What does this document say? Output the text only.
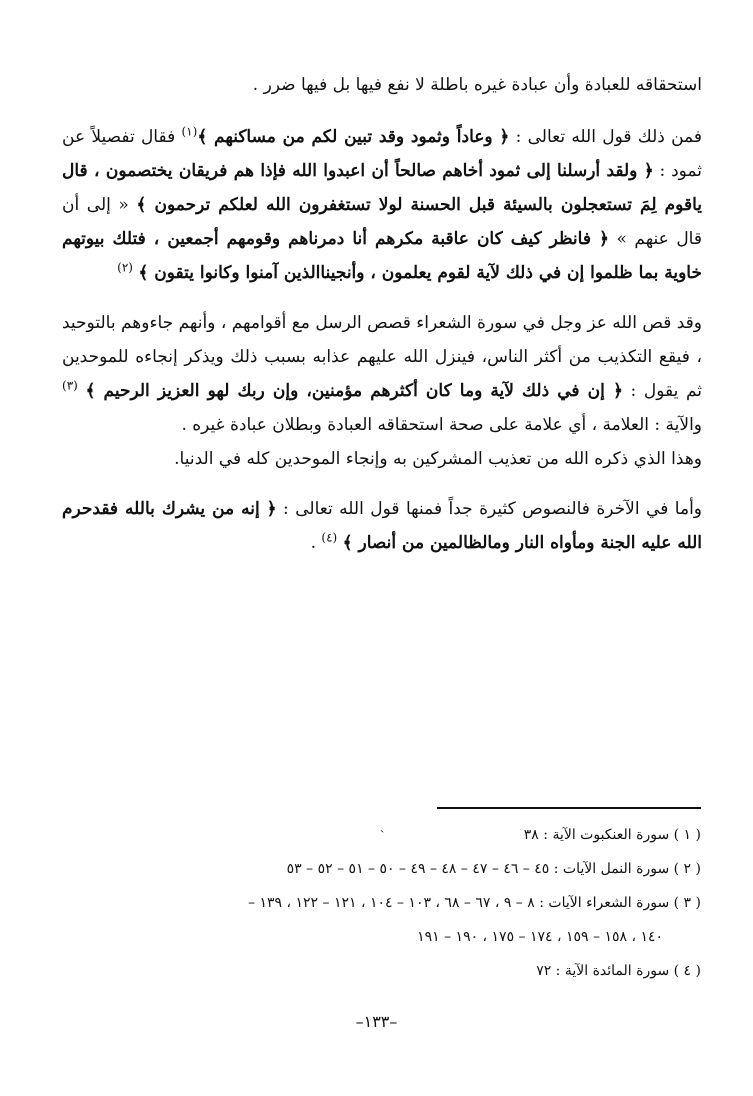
استحقاقه للعبادة وأن عبادة غيره باطلة لا نفع فيها بل فيها ضرر .

فمن ذلك قول الله تعالى : ﴿ وعاداً وثمود وقد تبين لكم من مساكنهم ﴾$^{(١)}$ فقال تفصيلاً عن ثمود : ﴿ ولقد أرسلنا إلى ثمود أخاهم صالحاً أن اعبدوا الله فإذا هم فريقان يختصمون ، قال ياقوم لِمَ تستعجلون بالسيئة قبل الحسنة لولا تستغفرون الله لعلكم ترحمون ﴾ « إلى أن قال عنهم » ﴿ فانظر كيف كان عاقبة مكرهم أنا دمرناهم وقومهم أجمعين ، فتلك بيوتهم خاوية بما ظلموا إن في ذلك لآية لقوم يعلمون ، وأنجيناالذين آمنوا وكانوا يتقون ﴾ $^{(٢)}$

وقد قص الله عز وجل في سورة الشعراء قصص الرسل مع أقوامهم ، وأنهم جاءوهم بالتوحيد ، فيقع التكذيب من أكثر الناس، فينزل الله عليهم عذابه بسبب ذلك ويذكر إنجاءه للموحدين ثم يقول : ﴿ إن في ذلك لآية وما كان أكثرهم مؤمنين، وإن ربك لهو العزيز الرحيم ﴾ $^{(٣)}$ والآية : العلامة ، أي علامة على صحة استحقاقه العبادة وبطلان عبادة غيره .

وهذا الذي ذكره الله من تعذيب المشركين به وإنجاء الموحدين كله في الدنيا.

وأما في الآخرة فالنصوص كثيرة جداً فمنها قول الله تعالى : ﴿ إنه من يشرك بالله فقدحرم الله عليه الجنة ومأواه النار ومالظالمين من أنصار ﴾ $^{(٤)}$ .

ˏ

( ١ ) سورة العنكبوت الآية : ٣٨

( ٢ ) سورة النمل الآيات : ٤٥ – ٤٦ – ٤٧ – ٤٨ – ٤٩ – ٥٠ – ٥١ – ٥٢ – ٥٣

( ٣ ) سورة الشعراء الآيات : ٨ – ٩ ، ٦٧ – ٦٨ ، ١٠٣ – ١٠٤ ، ١٢١ – ١٢٢ ، ١٣٩ –

١٤٠ ، ١٥٨ – ١٥٩ ، ١٧٤ – ١٧٥ ، ١٩٠ – ١٩١

( ٤ ) سورة المائدة الآية : ٧٢

–١٣٣–
